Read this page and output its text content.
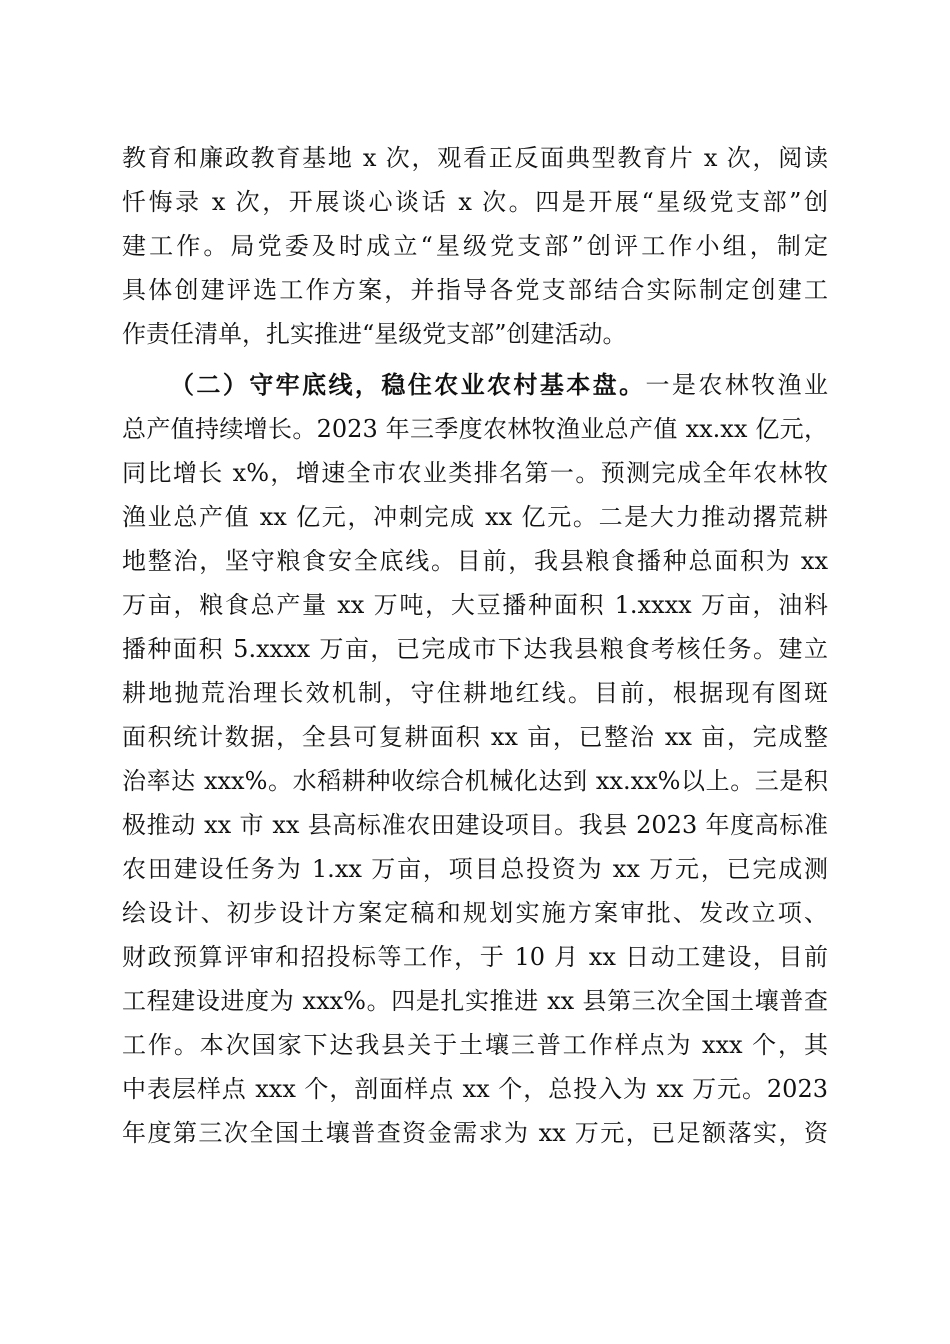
教育和廉政教育基地 x 次，观看正反面典型教育片 x 次，阅读
忏悔录 x 次，开展谈心谈话 x 次。四是开展“星级党支部”创
建工作。局党委及时成立“星级党支部”创评工作小组，制定
具体创建评选工作方案，并指导各党支部结合实际制定创建工
作责任清单，扎实推进“星级党支部”创建活动。
（二）守牢底线，稳住农业农村基本盘。一是农林牧渔业
总产值持续增长。2023 年三季度农林牧渔业总产值 xx.xx 亿元，
同比增长 x%，增速全市农业类排名第一。预测完成全年农林牧
渔业总产值 xx 亿元，冲刺完成 xx 亿元。二是大力推动撂荒耕
地整治，坚守粮食安全底线。目前，我县粮食播种总面积为 xx
万亩，粮食总产量 xx 万吨，大豆播种面积 1.xxxx 万亩，油料
播种面积 5.xxxx 万亩，已完成市下达我县粮食考核任务。建立
耕地抛荒治理长效机制，守住耕地红线。目前，根据现有图斑
面积统计数据，全县可复耕面积 xx 亩，已整治 xx 亩，完成整
治率达 xxx%。水稻耕种收综合机械化达到 xx.xx%以上。三是积
极推动 xx 市 xx 县高标准农田建设项目。我县 2023 年度高标准
农田建设任务为 1.xx 万亩，项目总投资为 xx 万元，已完成测
绘设计、初步设计方案定稿和规划实施方案审批、发改立项、
财政预算评审和招投标等工作，于 10 月 xx 日动工建设，目前
工程建设进度为 xxx%。四是扎实推进 xx 县第三次全国土壤普查
工作。本次国家下达我县关于土壤三普工作样点为 xxx 个，其
中表层样点 xxx 个，剖面样点 xx 个，总投入为 xx 万元。2023
年度第三次全国土壤普查资金需求为 xx 万元，已足额落实，资
